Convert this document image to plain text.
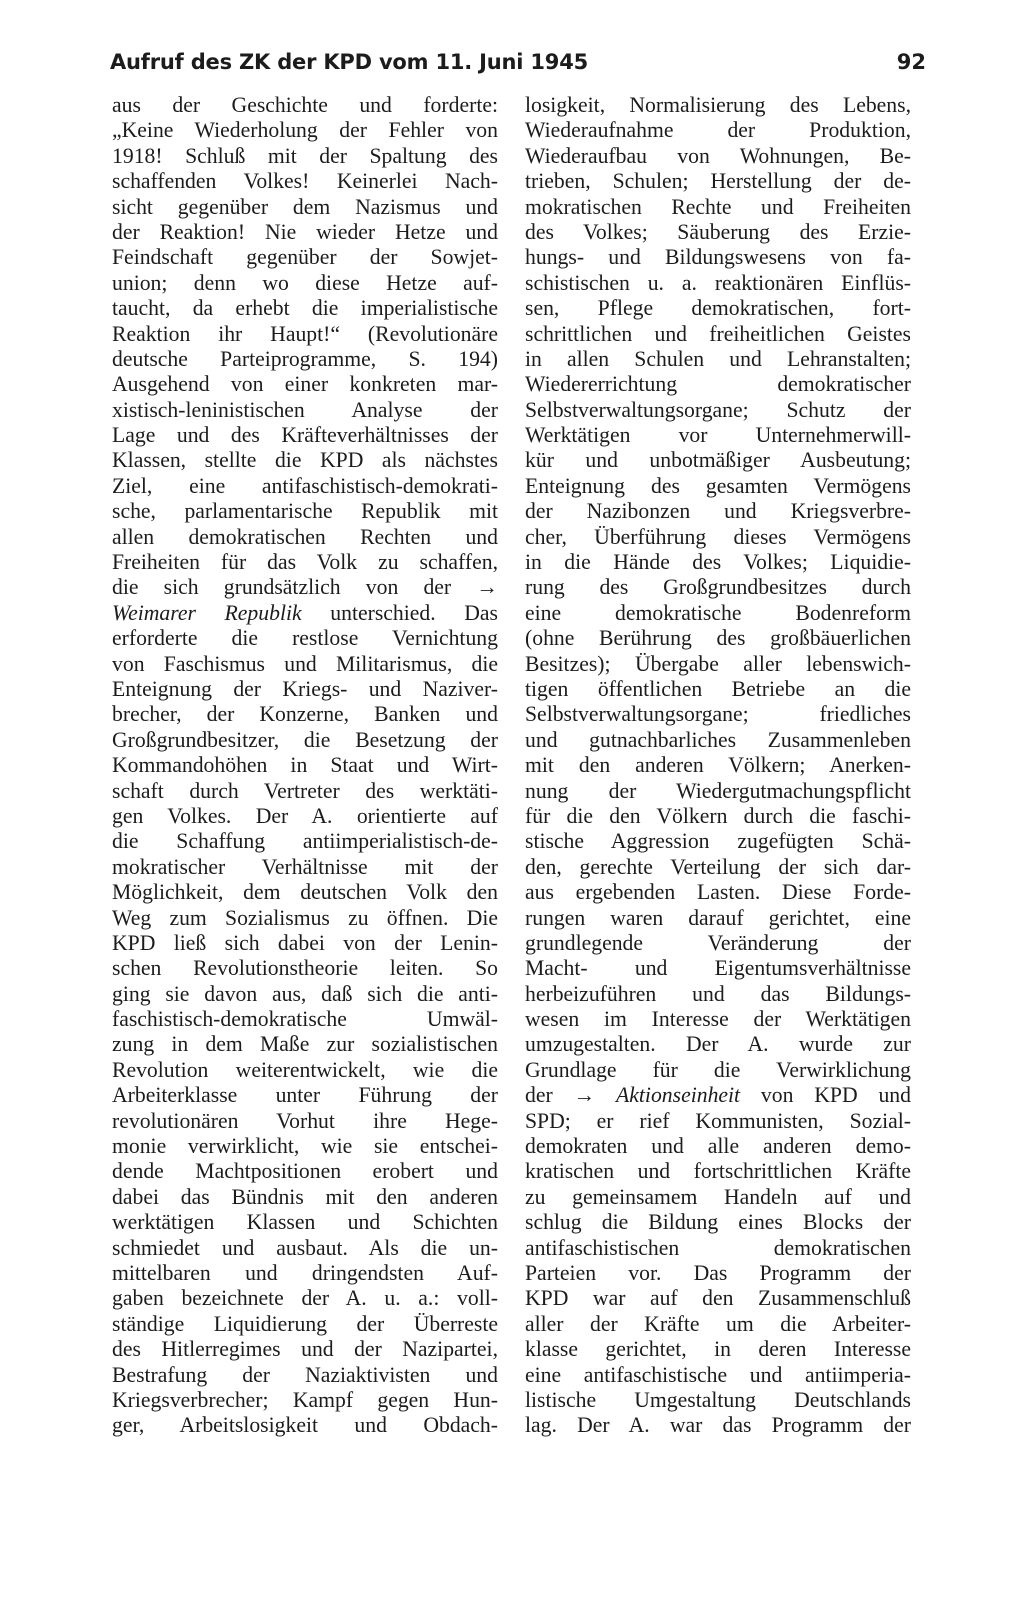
Aufruf des ZK der KPD vom 11. Juni 1945	92
aus der Geschichte und forderte:
„Keine Wiederholung der Fehler von
1918! Schluß mit der Spaltung des
schaffenden Volkes! Keinerlei Nach-
sicht gegenüber dem Nazismus und
der Reaktion! Nie wieder Hetze und
Feindschaft gegenüber der Sowjet-
union; denn wo diese Hetze auf-
taucht, da erhebt die imperialistische
Reaktion ihr Haupt!“ (Revolutionäre
deutsche Parteiprogramme, S. 194)
Ausgehend von einer konkreten mar-
xistisch-leninistischen Analyse der
Lage und des Kräfteverhältnisses der
Klassen, stellte die KPD als nächstes
Ziel, eine antifaschistisch-demokrati-
sche, parlamentarische Republik mit
allen demokratischen Rechten und
Freiheiten für das Volk zu schaffen,
die sich grundsätzlich von der →
Weimarer Republik unterschied. Das
erforderte die restlose Vernichtung
von Faschismus und Militarismus, die
Enteignung der Kriegs- und Naziver-
brecher, der Konzerne, Banken und
Großgrundbesitzer, die Besetzung der
Kommandohöhen in Staat und Wirt-
schaft durch Vertreter des werktäti-
gen Volkes. Der A. orientierte auf
die Schaffung antiimperialistisch-de-
mokratischer Verhältnisse mit der
Möglichkeit, dem deutschen Volk den
Weg zum Sozialismus zu öffnen. Die
KPD ließ sich dabei von der Lenin-
schen Revolutionstheorie leiten. So
ging sie davon aus, daß sich die anti-
faschistisch-demokratische Umwäl-
zung in dem Maße zur sozialistischen
Revolution weiterentwickelt, wie die
Arbeiterklasse unter Führung der
revolutionären Vorhut ihre Hege-
monie verwirklicht, wie sie entschei-
dende Machtpositionen erobert und
dabei das Bündnis mit den anderen
werktätigen Klassen und Schichten
schmiedet und ausbaut. Als die un-
mittelbaren und dringendsten Auf-
gaben bezeichnete der A. u. a.: voll-
ständige Liquidierung der Überreste
des Hitlerregimes und der Nazipartei,
Bestrafung der Naziaktivisten und
Kriegsverbrecher; Kampf gegen Hun-
ger, Arbeitslosigkeit und Obdach-
losigkeit, Normalisierung des Lebens,
Wiederaufnahme der Produktion,
Wiederaufbau von Wohnungen, Be-
trieben, Schulen; Herstellung der de-
mokratischen Rechte und Freiheiten
des Volkes; Säuberung des Erzie-
hungs- und Bildungswesens von fa-
schistischen u. a. reaktionären Einflüs-
sen, Pflege demokratischen, fort-
schrittlichen und freiheitlichen Geistes
in allen Schulen und Lehranstalten;
Wiedererrichtung demokratischer
Selbstverwaltungsorgane; Schutz der
Werktätigen vor Unternehmerwill-
kür und unbotmäßiger Ausbeutung;
Enteignung des gesamten Vermögens
der Nazibonzen und Kriegsverbre-
cher, Überführung dieses Vermögens
in die Hände des Volkes; Liquidie-
rung des Großgrundbesitzes durch
eine demokratische Bodenreform
(ohne Berührung des großbäuerlichen
Besitzes); Übergabe aller lebenswich-
tigen öffentlichen Betriebe an die
Selbstverwaltungsorgane; friedliches
und gutnachbarliches Zusammenleben
mit den anderen Völkern; Anerken-
nung der Wiedergutmachungspflicht
für die den Völkern durch die faschi-
stische Aggression zugefügten Schä-
den, gerechte Verteilung der sich dar-
aus ergebenden Lasten. Diese Forde-
rungen waren darauf gerichtet, eine
grundlegende Veränderung der
Macht- und Eigentumsverhältnisse
herbeizuführen und das Bildungs-
wesen im Interesse der Werktätigen
umzugestalten. Der A. wurde zur
Grundlage für die Verwirklichung
der → Aktionseinheit von KPD und
SPD; er rief Kommunisten, Sozial-
demokraten und alle anderen demo-
kratischen und fortschrittlichen Kräfte
zu gemeinsamem Handeln auf und
schlug die Bildung eines Blocks der
antifaschistischen demokratischen
Parteien vor. Das Programm der
KPD war auf den Zusammenschluß
aller der Kräfte um die Arbeiter-
klasse gerichtet, in deren Interesse
eine antifaschistische und antiimperia-
listische Umgestaltung Deutschlands
lag. Der A. war das Programm der
